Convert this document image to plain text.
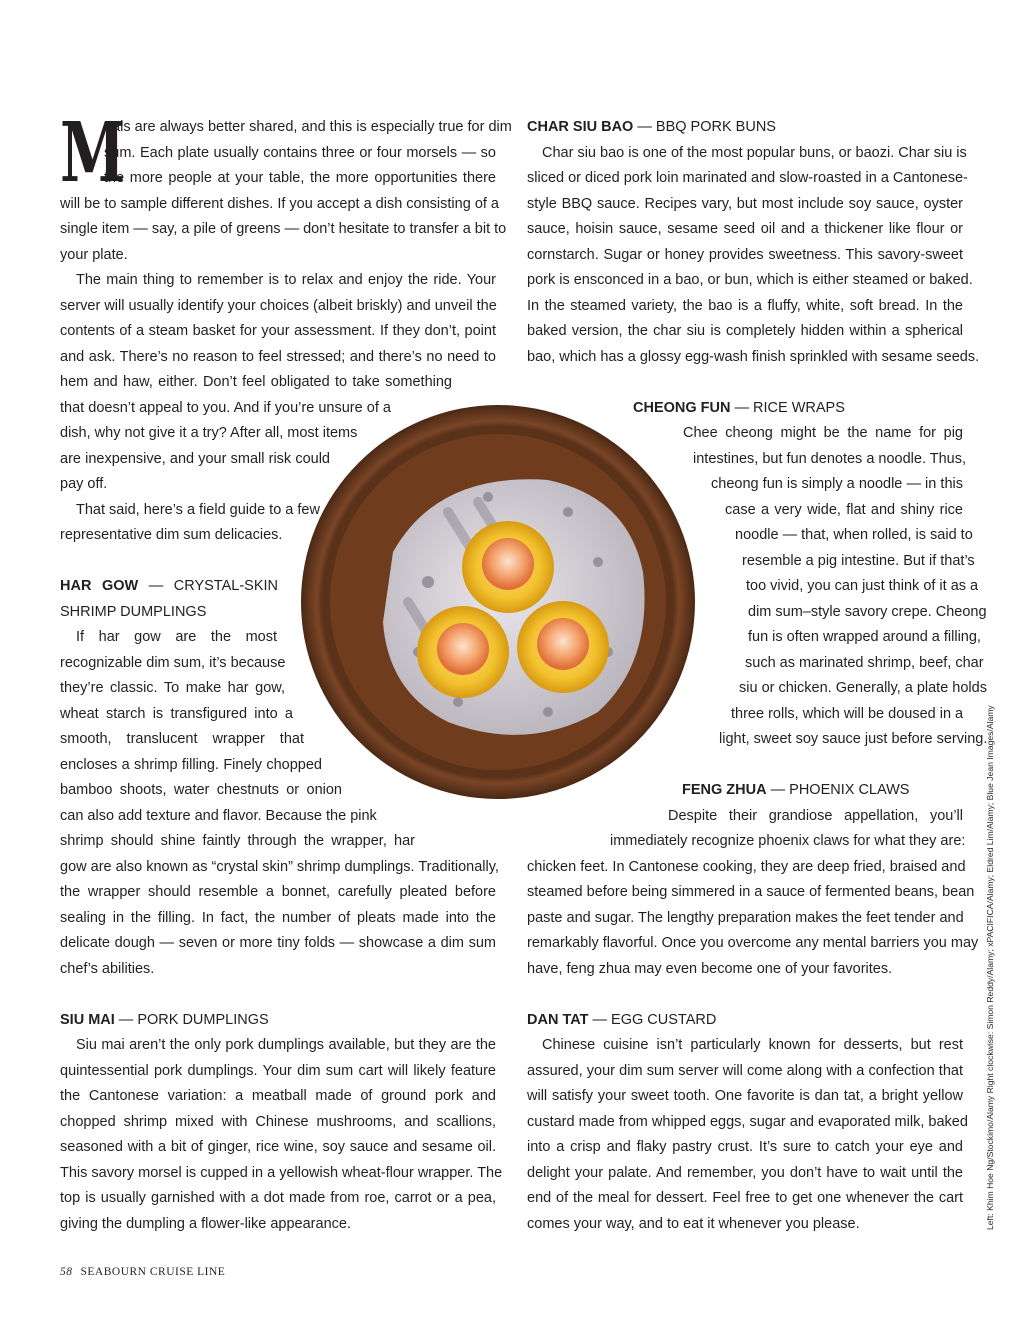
M

eals are always better shared, and this is especially true for dim

sum. Each plate usually contains three or four morsels — so

the more people at your table, the more opportunities there

will be to sample different dishes. If you accept a dish consisting of a

single item — say, a pile of greens — don’t hesitate to transfer a bit to

your plate.

The main thing to remember is to relax and enjoy the ride. Your

server will usually identify your choices (albeit briskly) and unveil the

contents of a steam basket for your assessment. If they don’t, point

and ask. There’s no reason to feel stressed; and there’s no need to

hem and haw, either. Don’t feel obligated to take something

that doesn’t appeal to you. And if you’re unsure of a

dish, why not give it a try? After all, most items

are inexpensive, and your small risk could

pay off.

That said, here’s a field guide to a few

representative dim sum delicacies.

HAR GOW — CRYSTAL-SKIN

SHRIMP DUMPLINGS

If har gow are the most

recognizable dim sum, it’s because

they’re classic. To make har gow,

wheat starch is transfigured into a

smooth, translucent wrapper that

encloses a shrimp filling. Finely chopped

bamboo shoots, water chestnuts or onion

can also add texture and flavor. Because the pink

shrimp should shine faintly through the wrapper, har

gow are also known as “crystal skin” shrimp dumplings. Traditionally,

the wrapper should resemble a bonnet, carefully pleated before

sealing in the filling. In fact, the number of pleats made into the

delicate dough — seven or more tiny folds — showcase a dim sum

chef’s abilities.

SIU MAI — PORK DUMPLINGS

Siu mai aren’t the only pork dumplings available, but they are the

quintessential pork dumplings. Your dim sum cart will likely feature

the Cantonese variation: a meatball made of ground pork and

chopped shrimp mixed with Chinese mushrooms, and scallions,

seasoned with a bit of ginger, rice wine, soy sauce and sesame oil.

This savory morsel is cupped in a yellowish wheat-flour wrapper. The

top is usually garnished with a dot made from roe, carrot or a pea,

giving the dumpling a flower-like appearance.

CHAR SIU BAO — BBQ PORK BUNS

Char siu bao is one of the most popular buns, or baozi. Char siu is

sliced or diced pork loin marinated and slow-roasted in a Cantonese-

style BBQ sauce. Recipes vary, but most include soy sauce, oyster

sauce, hoisin sauce, sesame seed oil and a thickener like flour or

cornstarch. Sugar or honey provides sweetness. This savory-sweet

pork is ensconced in a bao, or bun, which is either steamed or baked.

In the steamed variety, the bao is a fluffy, white, soft bread. In the

baked version, the char siu is completely hidden within a spherical

bao, which has a glossy egg-wash finish sprinkled with sesame seeds.

CHEONG FUN — RICE WRAPS

Chee cheong might be the name for pig

intestines, but fun denotes a noodle. Thus,

cheong fun is simply a noodle — in this

case a very wide, flat and shiny rice

noodle — that, when rolled, is said to

resemble a pig intestine. But if that’s

too vivid, you can just think of it as a

dim sum–style savory crepe. Cheong

fun is often wrapped around a filling,

such as marinated shrimp, beef, char

siu or chicken. Generally, a plate holds

three rolls, which will be doused in a

light, sweet soy sauce just before serving.

FENG ZHUA — PHOENIX CLAWS

Despite their grandiose appellation, you’ll

immediately recognize phoenix claws for what they are:

chicken feet. In Cantonese cooking, they are deep fried, braised and

steamed before being simmered in a sauce of fermented beans, bean

paste and sugar. The lengthy preparation makes the feet tender and

remarkably flavorful. Once you overcome any mental barriers you may

have, feng zhua may even become one of your favorites.

DAN TAT — EGG CUSTARD

Chinese cuisine isn’t particularly known for desserts, but rest

assured, your dim sum server will come along with a confection that

will satisfy your sweet tooth. One favorite is dan tat, a bright yellow

custard made from whipped eggs, sugar and evaporated milk, baked

into a crisp and flaky pastry crust. It’s sure to catch your eye and

delight your palate. And remember, you don’t have to wait until the

end of the meal for dessert. Feel free to get one whenever the cart

comes your way, and to eat it whenever you please.

58 SEABOURN CRUISE LINE
Left: Khim Hoe Ng/Stockimo/Alamy Right clockwise: Simon Reddy/Alamy; xPACIFICA/Alamy; Eldred Lim/Alamy; Blue Jean Images/Alamy
